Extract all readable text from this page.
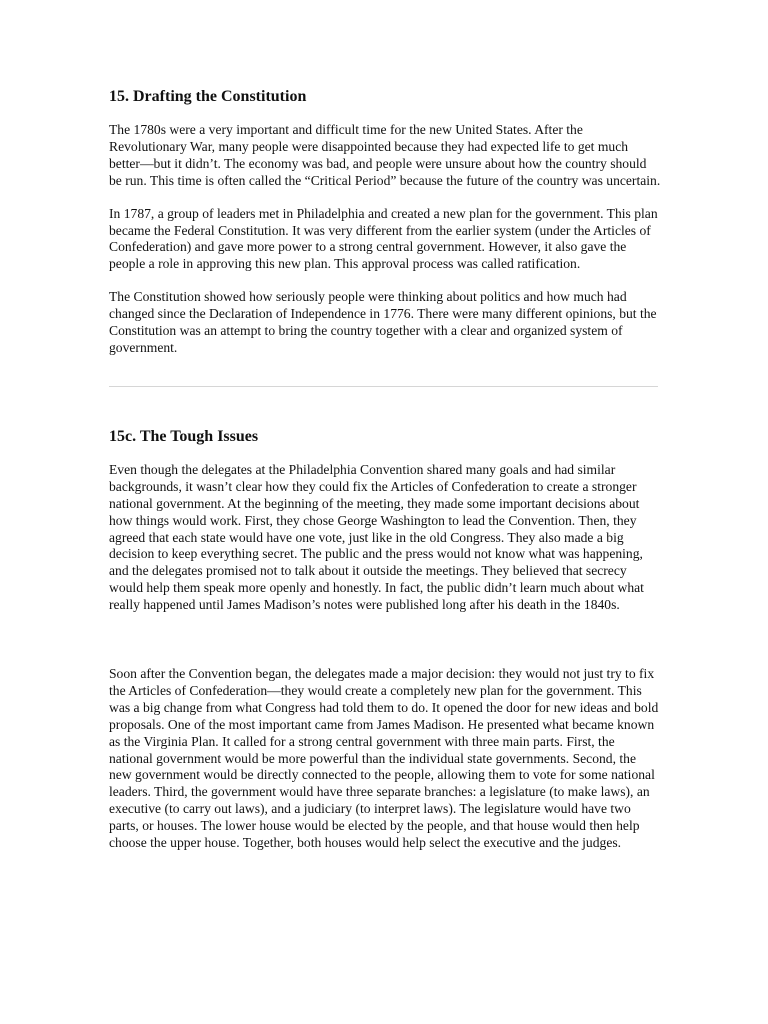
15. Drafting the Constitution

The 1780s were a very important and difficult time for the new United States. After the Revolutionary War, many people were disappointed because they had expected life to get much better—but it didn’t. The economy was bad, and people were unsure about how the country should be run. This time is often called the “Critical Period” because the future of the country was uncertain.

In 1787, a group of leaders met in Philadelphia and created a new plan for the government. This plan became the Federal Constitution. It was very different from the earlier system (under the Articles of Confederation) and gave more power to a strong central government. However, it also gave the people a role in approving this new plan. This approval process was called ratification.

The Constitution showed how seriously people were thinking about politics and how much had changed since the Declaration of Independence in 1776. There were many different opinions, but the Constitution was an attempt to bring the country together with a clear and organized system of government.

15c. The Tough Issues

Even though the delegates at the Philadelphia Convention shared many goals and had similar backgrounds, it wasn’t clear how they could fix the Articles of Confederation to create a stronger national government. At the beginning of the meeting, they made some important decisions about how things would work. First, they chose George Washington to lead the Convention. Then, they agreed that each state would have one vote, just like in the old Congress. They also made a big decision to keep everything secret. The public and the press would not know what was happening, and the delegates promised not to talk about it outside the meetings. They believed that secrecy would help them speak more openly and honestly. In fact, the public didn’t learn much about what really happened until James Madison’s notes were published long after his death in the 1840s.

Soon after the Convention began, the delegates made a major decision: they would not just try to fix the Articles of Confederation—they would create a completely new plan for the government. This was a big change from what Congress had told them to do. It opened the door for new ideas and bold proposals. One of the most important came from James Madison. He presented what became known as the Virginia Plan. It called for a strong central government with three main parts. First, the national government would be more powerful than the individual state governments. Second, the new government would be directly connected to the people, allowing them to vote for some national leaders. Third, the government would have three separate branches: a legislature (to make laws), an executive (to carry out laws), and a judiciary (to interpret laws). The legislature would have two parts, or houses. The lower house would be elected by the people, and that house would then help choose the upper house. Together, both houses would help select the executive and the judges.
